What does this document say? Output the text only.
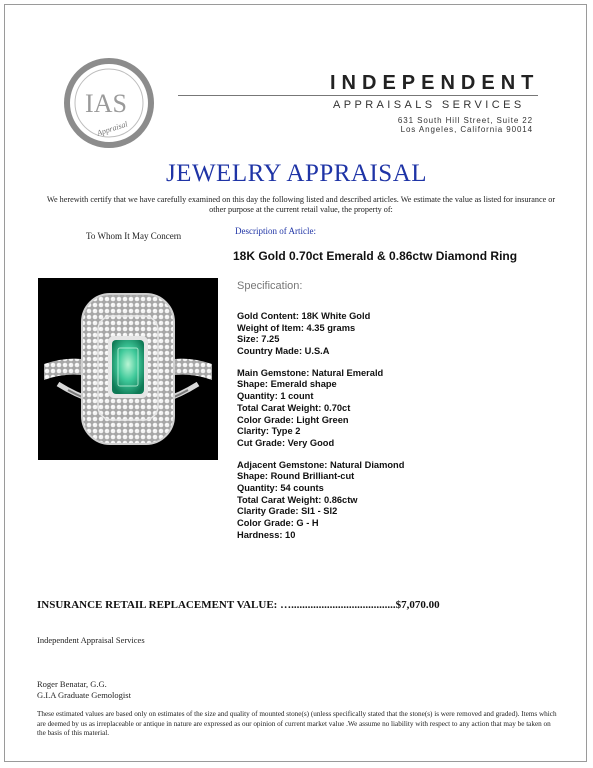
IAS
Appraisal
INDEPENDENT
APPRAISALS SERVICES
631 South Hill Street, Suite 22
Los Angeles, California 90014
JEWELRY APPRAISAL
We herewith certify that we have carefully examined on this day the following listed and described articles. We estimate the value as listed for insurance or other purpose at the current retail value, the property of:
To Whom It May Concern	Description of Article:
18K Gold 0.70ct Emerald & 0.86ctw Diamond Ring
Specification:
Gold Content: 18K White Gold
Weight of Item: 4.35 grams
Size: 7.25
Country Made: U.S.A
Main Gemstone: Natural Emerald
Shape: Emerald shape
Quantity: 1 count
Total Carat Weight: 0.70ct
Color Grade: Light Green
Clarity: Type 2
Cut Grade: Very Good
Adjacent Gemstone: Natural Diamond
Shape: Round Brilliant-cut
Quantity: 54 counts
Total Carat Weight: 0.86ctw
Clarity Grade: SI1 - SI2
Color Grade: G - H
Hardness: 10
INSURANCE RETAIL REPLACEMENT VALUE: …......................................$7,070.00
Independent Appraisal Services
Roger Benatar, G.G.
G.I.A Graduate Gemologist
These estimated values are based only on estimates of the size and quality of mounted stone(s) (unless specifically stated that the stone(s) is were removed and graded). Items which are deemed by us as irreplaceable or antique in nature are expressed as our opinion of current market value .We assume no liability with respect to any action that may be taken on the basis of this material.
